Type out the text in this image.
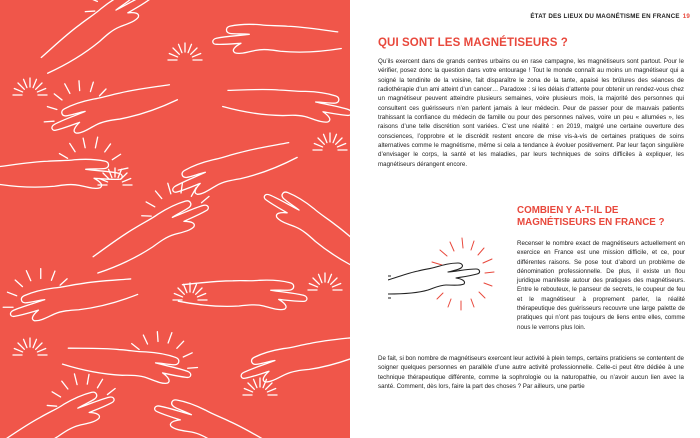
ÉTAT DES LIEUX DU MAGNÉTISME EN FRANCE 19
QUI SONT LES MAGNÉTISEURS ?
Qu’ils exercent dans de grands centres urbains ou en rase campagne, les magnétiseurs sont partout. Pour le vérifier, posez donc la question dans votre entourage ! Tout le monde connaît au moins un magnétiseur qui a soigné la tendinite de la voisine, fait disparaître le zona de la tante, apaisé les brûlures des séances de radiothérapie d’un ami atteint d’un cancer… Paradoxe : si les délais d’attente pour obtenir un rendez-vous chez un magnétiseur peuvent atteindre plusieurs semaines, voire plusieurs mois, la majorité des personnes qui consultent ces guérisseurs n’en parlent jamais à leur médecin. Peur de passer pour de mauvais patients trahissant la confiance du médecin de famille ou pour des personnes naïves, voire un peu « allumées », les raisons d’une telle discrétion sont variées. C’est une réalité : en 2019, malgré une certaine ouverture des consciences, l’opprobre et le discrédit restent encore de mise vis-à-vis de certaines pratiques de soins alternatives comme le magnétisme, même si cela a tendance à évoluer positivement. Par leur façon singulière d’envisager le corps, la santé et les maladies, par leurs techniques de soins difficiles à expliquer, les magnétiseurs dérangent encore.
COMBIEN Y A-T-IL DE MAGNÉTISEURS EN FRANCE ?
Recenser le nombre exact de magnétiseurs actuellement en exercice en France est une mission difficile, et ce, pour différentes raisons. Se pose tout d’abord un problème de dénomination professionnelle. De plus, il existe un flou juridique manifeste autour des pratiques des magnétiseurs. Entre le rebouteux, le panseur de secrets, le coupeur de feu et le magnétiseur à proprement parler, la réalité thérapeutique des guérisseurs recouvre une large palette de pratiques qui n’ont pas toujours de liens entre elles, comme nous le verrons plus loin.
De fait, si bon nombre de magnétiseurs exercent leur activité à plein temps, certains praticiens se contentent de soigner quelques personnes en parallèle d’une autre activité professionnelle. Celle-ci peut être dédiée à une technique thérapeutique différente, comme la sophrologie ou la naturopathie, ou n’avoir aucun lien avec la santé. Comment, dès lors, faire la part des choses ? Par ailleurs, une partie
